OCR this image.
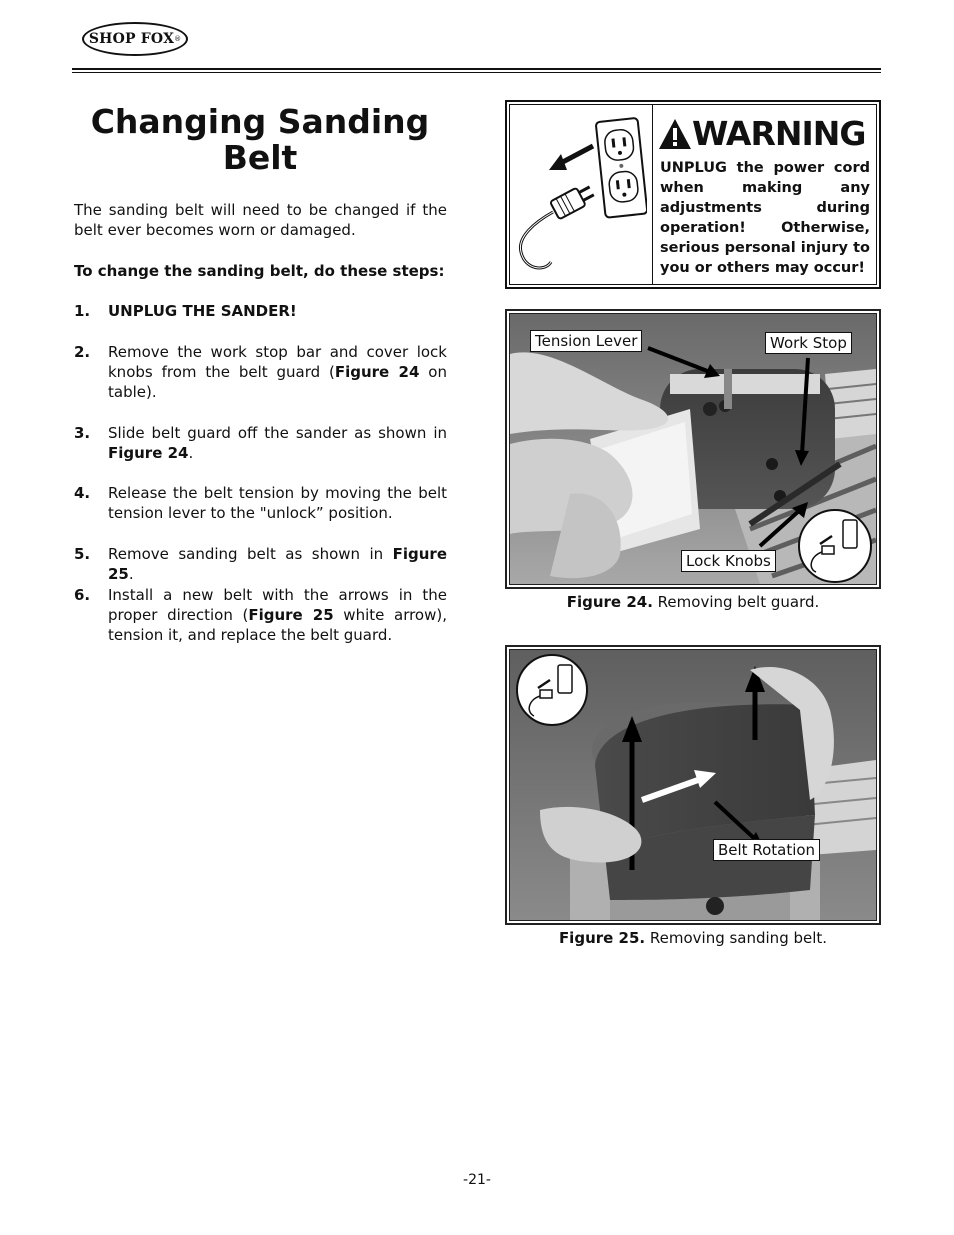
SHOP FOX ®
Changing Sanding Belt
The sanding belt will need to be changed if the belt ever becomes worn or damaged.
To change the sanding belt, do these steps:
1.	UNPLUG THE SANDER!
2.	Remove the work stop bar and cover lock knobs from the belt guard (Figure 24 on table).
3.	Slide belt guard off the sander as shown in Figure 24.
4.	Release the belt tension by moving the belt tension lever to the "unlock” position.
5.	Remove sanding belt as shown in Figure 25.
6.	Install a new belt with the arrows in the proper direction (Figure 25 white arrow), tension it, and replace the belt guard.
WARNING
UNPLUG the power cord when making any adjustments during operation! Otherwise, serious personal injury to you or others may occur!
Tension Lever	Work Stop
Lock Knobs
Figure 24. Removing belt guard.
Belt Rotation
Figure 25. Removing sanding belt.
-21-
